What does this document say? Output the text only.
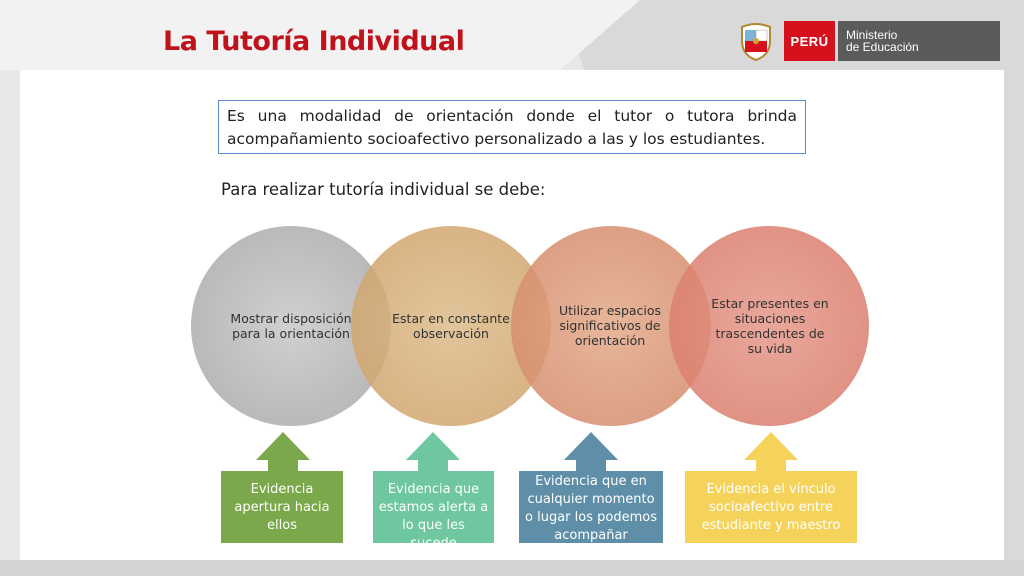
La Tutoría Individual	PERÚ	Ministerio
de Educación
Es una modalidad de orientación donde el tutor o tutora brinda acompañamiento socioafectivo personalizado a las y los estudiantes.
Para realizar tutoría individual se debe:
Mostrar disposición para la orientación
Estar en constante observación
Utilizar espacios significativos de orientación
Estar presentes en situaciones trascendentes de su vida
Evidencia apertura hacia ellos
Evidencia que estamos alerta a lo que les sucede
Evidencia que en cualquier momento o lugar los podemos acompañar
Evidencia el vínculo socioafectivo entre estudiante y maestro
